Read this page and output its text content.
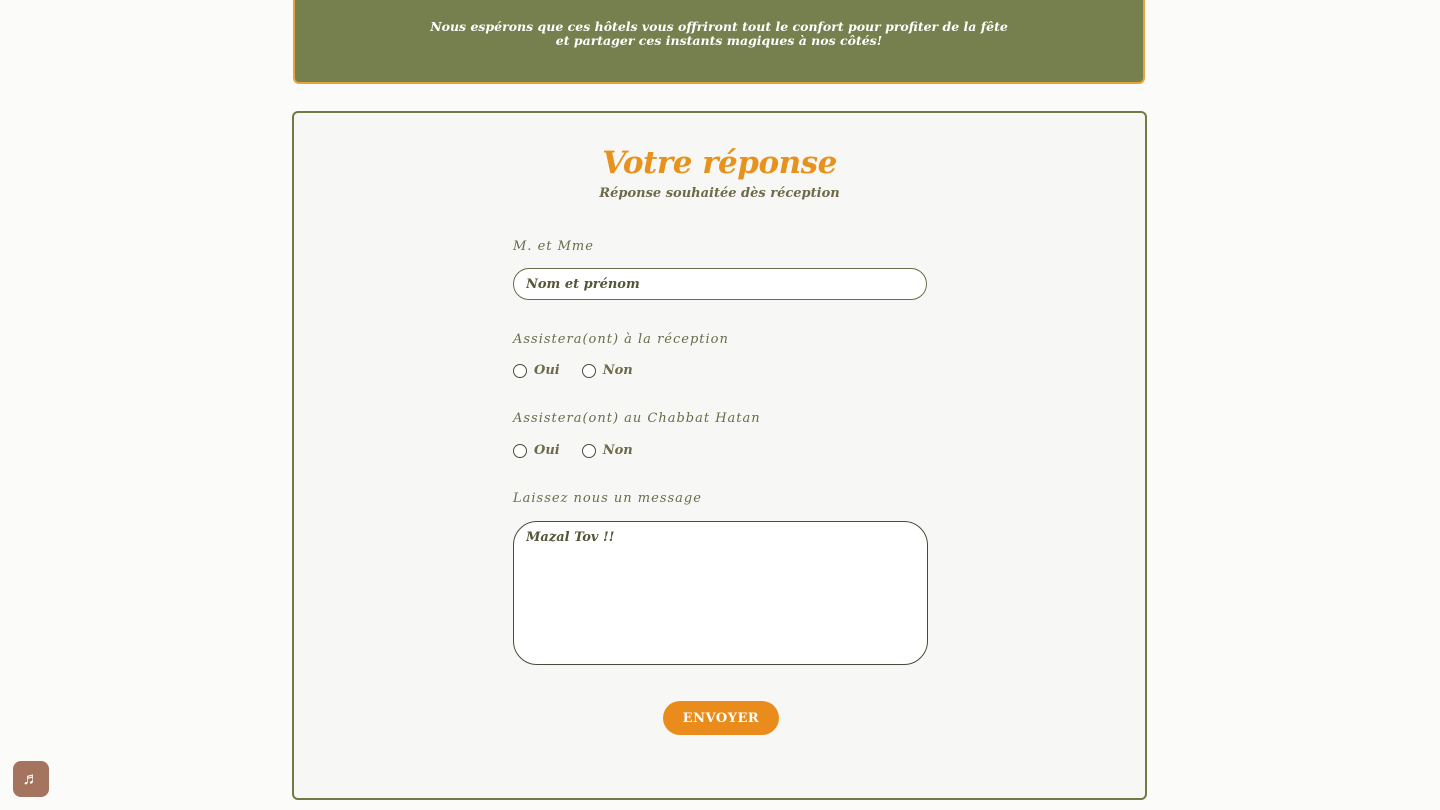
Nous espérons que ces hôtels vous offriront tout le confort pour profiter de la fête
et partager ces instants magiques à nos côtés!
Votre réponse
Réponse souhaitée dès réception
M. et Mme
Nom et prénom
Assistera(ont) à la réception
Oui	Non
Assistera(ont) au Chabbat Hatan
Oui	Non
Laissez nous un message
Mazal Tov !!
ENVOYER
♬
